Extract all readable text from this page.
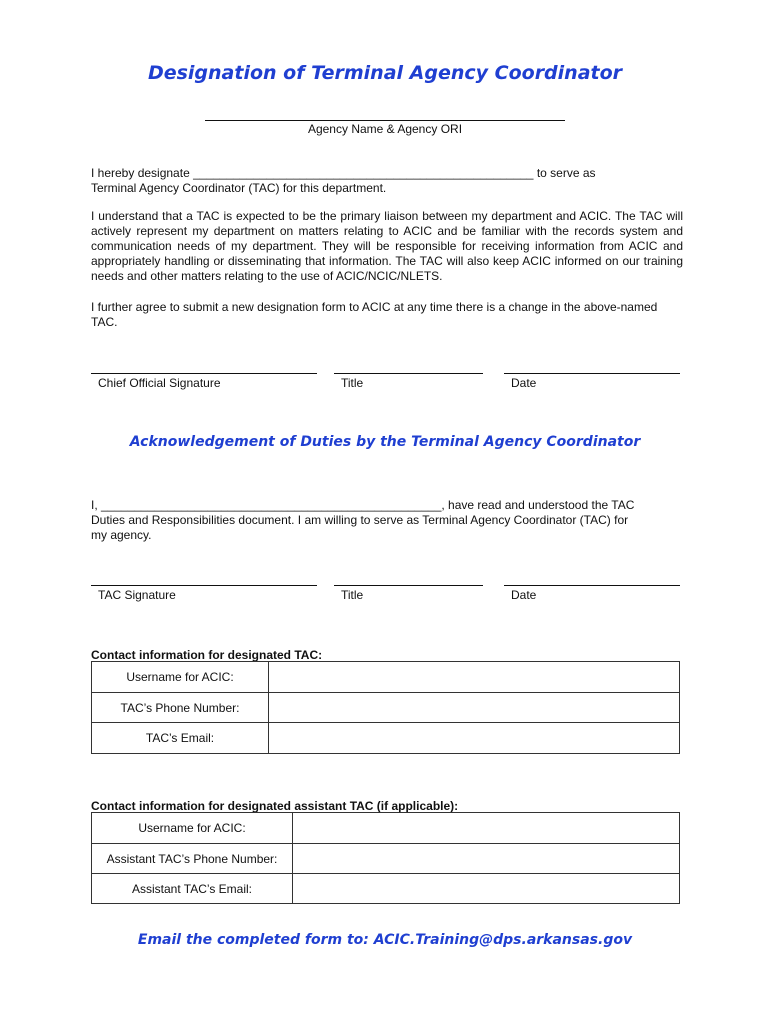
Designation of Terminal Agency Coordinator
Agency Name & Agency ORI
I hereby designate ___________________________________________________ to serve as
Terminal Agency Coordinator (TAC) for this department.
I understand that a TAC is expected to be the primary liaison between my department and ACIC. The TAC will actively represent my department on matters relating to ACIC and be familiar with the records system and communication needs of my department. They will be responsible for receiving information from ACIC and appropriately handling or disseminating that information. The TAC will also keep ACIC informed on our training needs and other matters relating to the use of ACIC/NCIC/NLETS.
I further agree to submit a new designation form to ACIC at any time there is a change in the above-named TAC.
Chief Official Signature	Title	Date
Acknowledgement of Duties by the Terminal Agency Coordinator
I, ___________________________________________________, have read and understood the TAC
Duties and Responsibilities document. I am willing to serve as Terminal Agency Coordinator (TAC) for
my agency.
TAC Signature	Title	Date
Contact information for designated TAC:
Username for ACIC:	
TAC’s Phone Number:	
TAC’s Email:	
Contact information for designated assistant TAC (if applicable):
Username for ACIC:	
Assistant TAC’s Phone Number:	
Assistant TAC’s Email:	
Email the completed form to: ACIC.Training@dps.arkansas.gov
